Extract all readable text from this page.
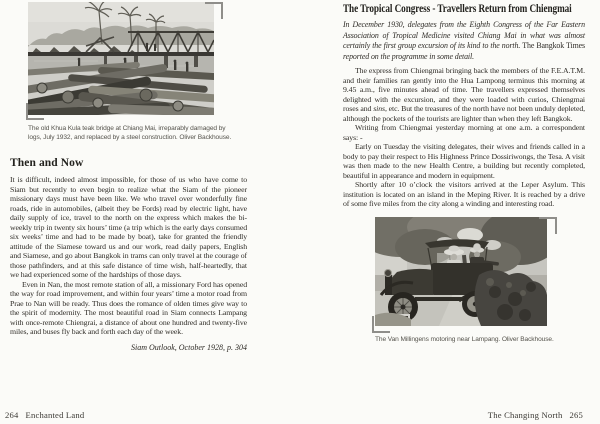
The old Khua Kula teak bridge at Chiang Mai, irreparably damaged by logs, July 1932, and replaced by a steel construction. Oliver Backhouse.
Then and Now

It is difficult, indeed almost impossible, for those of us who have come to Siam but recently to even begin to realize what the Siam of the pioneer missionary days must have been like. We who travel over wonderfully fine roads, ride in automobiles, (albeit they be Fords) read by electric light, have daily supply of ice, travel to the north on the express which makes the bi-weekly trip in twenty six hours’ time (a trip which is the early days consumed six weeks’ time and had to be made by boat), take for granted the friendly attitude of the Siamese toward us and our work, read daily papers, English and Siamese, and go about Bangkok in trams can only travel at the courage of those pathfinders, and at this safe distance of time wish, half-heartedly, that we had experienced some of the hardships of those days.

Even in Nan, the most remote station of all, a missionary Ford has opened the way for road improvement, and within four years’ time a motor road from Prae to Nan will be ready. Thus does the romance of olden times give way to the spirit of modernity. The most beautiful road in Siam connects Lampang with once-remote Chiengrai, a distance of about one hundred and twenty-five miles, and buses fly back and forth each day of the week.

Siam Outlook, October 1928, p. 304

264 Enchanted Land
The Tropical Congress - Travellers Return from Chiengmai

In December 1930, delegates from the Eighth Congress of the Far Eastern Association of Tropical Medicine visited Chiang Mai in what was almost certainly the first group excursion of its kind to the north. The Bangkok Times reported on the programme in some detail.

The express from Chiengmai bringing back the members of the F.E.A.T.M. and their families ran gently into the Hua Lampong terminus this morning at 9.45 a.m., five minutes ahead of time. The travellers expressed themselves delighted with the excursion, and they were loaded with curios, Chiengmai roses and sins, etc. But the treasures of the north have not been unduly depleted, although the pockets of the tourists are lighter than when they left Bangkok.

Writing from Chiengmai yesterday morning at one a.m. a correspondent says: -

Early on Tuesday the visiting delegates, their wives and friends called in a body to pay their respect to His Highness Prince Dossiriwongs, the Tesa. A visit was then made to the new Health Centre, a building but recently completed, beautiful in appearance and modern in equipment.

Shortly after 10 o’clock the visitors arrived at the Leper Asylum. This institution is located on an island in the Meping River. It is reached by a drive of some five miles from the city along a winding and interesting road.

The Van Millingens motoring near Lampang. Oliver Backhouse.
The Changing North 265
